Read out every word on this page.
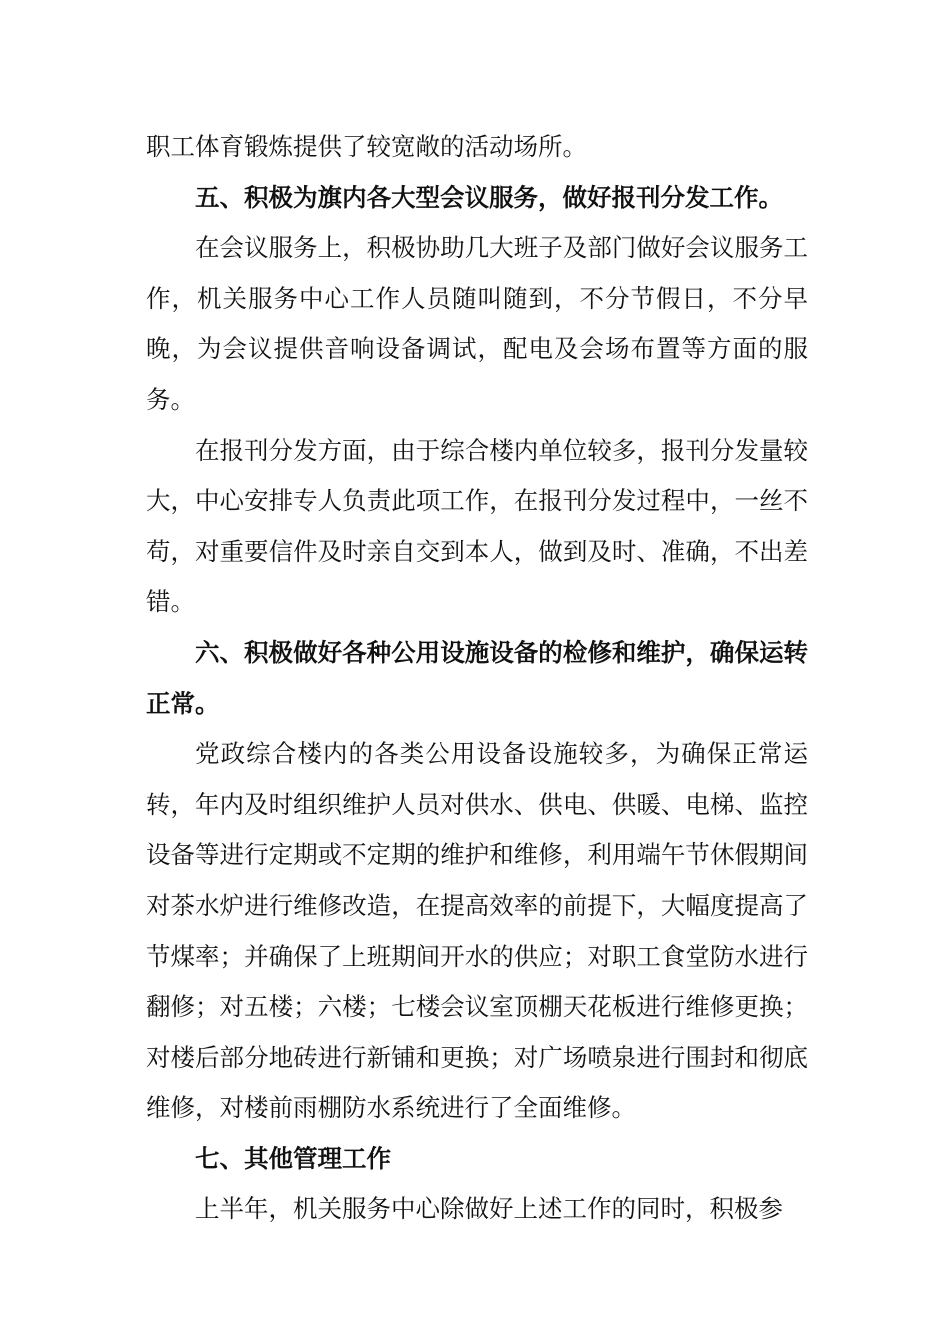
职工体育锻炼提供了较宽敞的活动场所。

五、积极为旗内各大型会议服务，做好报刊分发工作。

在会议服务上，积极协助几大班子及部门做好会议服务工作，机关服务中心工作人员随叫随到，不分节假日，不分早晚，为会议提供音响设备调试，配电及会场布置等方面的服务。

在报刊分发方面，由于综合楼内单位较多，报刊分发量较大，中心安排专人负责此项工作，在报刊分发过程中，一丝不苟，对重要信件及时亲自交到本人，做到及时、准确，不出差错。

六、积极做好各种公用设施设备的检修和维护，确保运转正常。

党政综合楼内的各类公用设备设施较多，为确保正常运转，年内及时组织维护人员对供水、供电、供暖、电梯、监控设备等进行定期或不定期的维护和维修，利用端午节休假期间对茶水炉进行维修改造，在提高效率的前提下，大幅度提高了节煤率；并确保了上班期间开水的供应；对职工食堂防水进行翻修；对五楼；六楼；七楼会议室顶棚天花板进行维修更换；对楼后部分地砖进行新铺和更换；对广场喷泉进行围封和彻底维修，对楼前雨棚防水系统进行了全面维修。

七、其他管理工作

上半年，机关服务中心除做好上述工作的同时，积极参
